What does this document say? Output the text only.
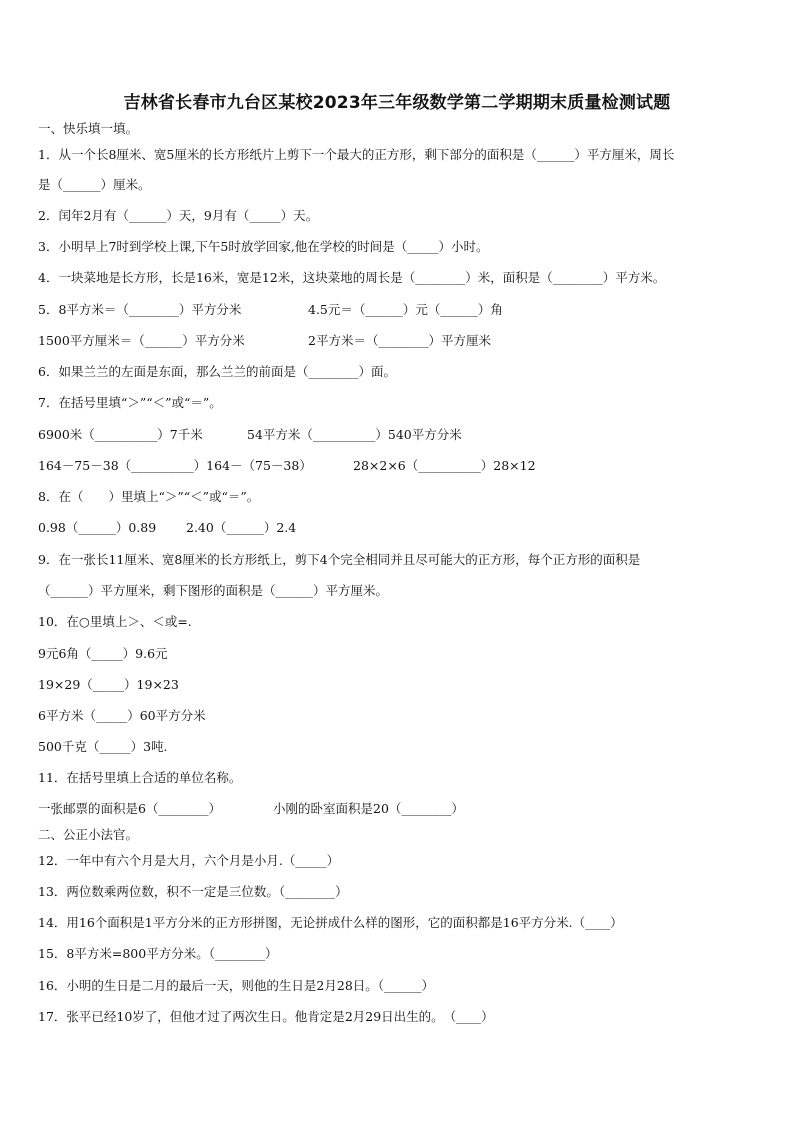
吉林省长春市九台区某校2023年三年级数学第二学期期末质量检测试题
一、快乐填一填。
1．从一个长8厘米、宽5厘米的长方形纸片上剪下一个最大的正方形，剩下部分的面积是（______）平方厘米，周长
是（______）厘米。
2．闰年2月有（______）天，9月有（_____）天。
3．小明早上7时到学校上课,下午5时放学回家,他在学校的时间是（_____）小时。
4．一块菜地是长方形，长是16米，宽是12米，这块菜地的周长是（________）米，面积是（________）平方米。
5．8平方米＝（________）平方分米	4.5元＝（______）元（______）角
1500平方厘米＝（______）平方分米	2平方米＝（________）平方厘米
6．如果兰兰的左面是东面，那么兰兰的前面是（________）面。
7．在括号里填“＞”“＜”或“＝”。
6900米（__________）7千米	54平方米（__________）540平方分米
164－75－38（__________）164－（75－38）	28×2×6（__________）28×12
8．在（　　）里填上“＞”“＜”或“＝”。
0.98（______）0.89 2.40（______）2.4
9．在一张长11厘米、宽8厘米的长方形纸上，剪下4个完全相同并且尽可能大的正方形，每个正方形的面积是
（______）平方厘米，剩下图形的面积是（______）平方厘米。
10．在○里填上＞、＜或=.
9元6角（_____）9.6元
19×29（_____）19×23
6平方米（_____）60平方分米
500千克（_____）3吨.
11．在括号里填上合适的单位名称。
一张邮票的面积是6（________）	小刚的卧室面积是20（________）
二、公正小法官。
12．一年中有六个月是大月，六个月是小月.（_____）
13．两位数乘两位数，积不一定是三位数。（________）
14．用16个面积是1平方分米的正方形拼图，无论拼成什么样的图形，它的面积都是16平方分米.（____）
15．8平方米=800平方分米。（________）
16．小明的生日是二月的最后一天，则他的生日是2月28日。（______）
17．张平已经10岁了，但他才过了两次生日。他肯定是2月29日出生的。　（____）
